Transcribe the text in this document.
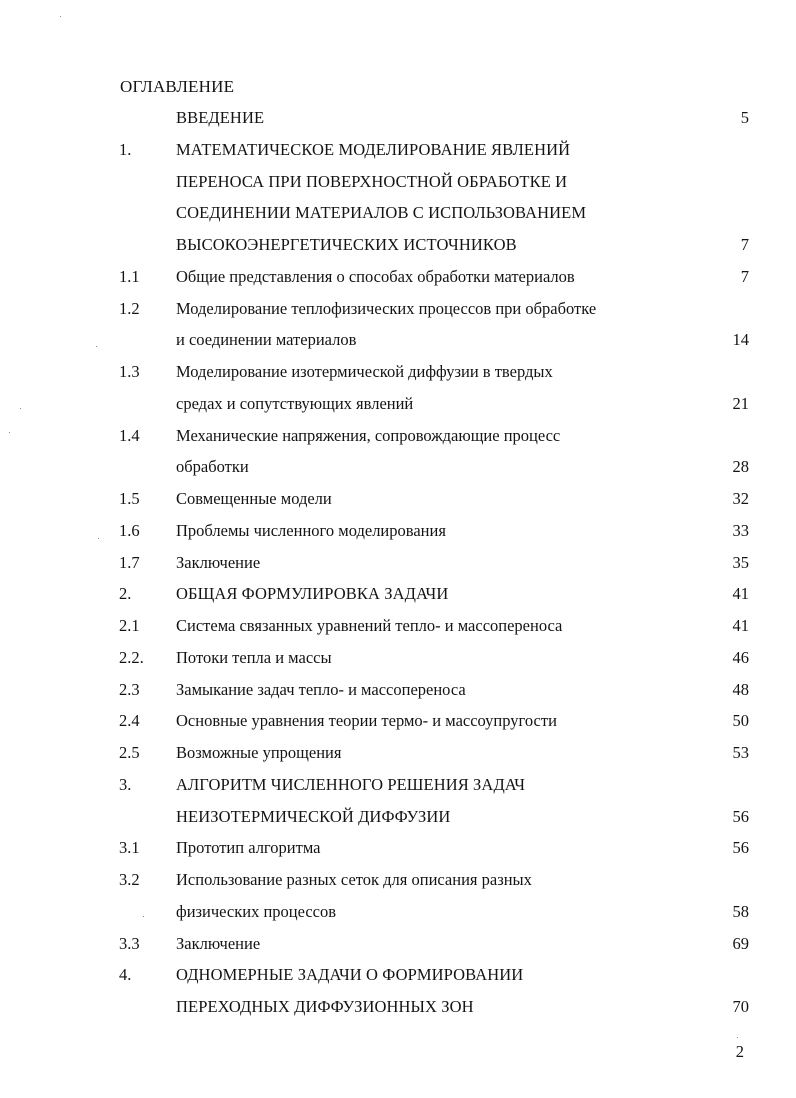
ОГЛАВЛЕНИЕ
ВВЕДЕНИЕ	5
1.	МАТЕМАТИЧЕСКОЕ МОДЕЛИРОВАНИЕ ЯВЛЕНИЙ
ПЕРЕНОСА ПРИ ПОВЕРХНОСТНОЙ ОБРАБОТКЕ И
СОЕДИНЕНИИ МАТЕРИАЛОВ С ИСПОЛЬЗОВАНИЕМ
ВЫСОКОЭНЕРГЕТИЧЕСКИХ ИСТОЧНИКОВ	7
1.1 Общие представления о способах обработки материалов	7
1.2 Моделирование теплофизических процессов при обработке
и соединении материалов	14
1.3 Моделирование изотермической диффузии в твердых
средах и сопутствующих явлений	21
1.4 Механические напряжения, сопровождающие процесс
обработки	28
1.5 Совмещенные модели	32
1.6 Проблемы численного моделирования	33
1.7 Заключение	35
2.	ОБЩАЯ ФОРМУЛИРОВКА ЗАДАЧИ	41
2.1 Система связанных уравнений тепло- и массопереноса	41
2.2. Потоки тепла и массы	46
2.3 Замыкание задач тепло- и массопереноса	48
2.4 Основные уравнения теории термо- и массоупругости	50
2.5 Возможные упрощения	53
3.	АЛГОРИТМ ЧИСЛЕННОГО РЕШЕНИЯ ЗАДАЧ
НЕИЗОТЕРМИЧЕСКОЙ ДИФФУЗИИ	56
3.1 Прототип алгоритма	56
3.2 Использование разных сеток для описания разных
физических процессов	58
3.3 Заключение	69
4.	ОДНОМЕРНЫЕ ЗАДАЧИ О ФОРМИРОВАНИИ
ПЕРЕХОДНЫХ ДИФФУЗИОННЫХ ЗОН	70
2
